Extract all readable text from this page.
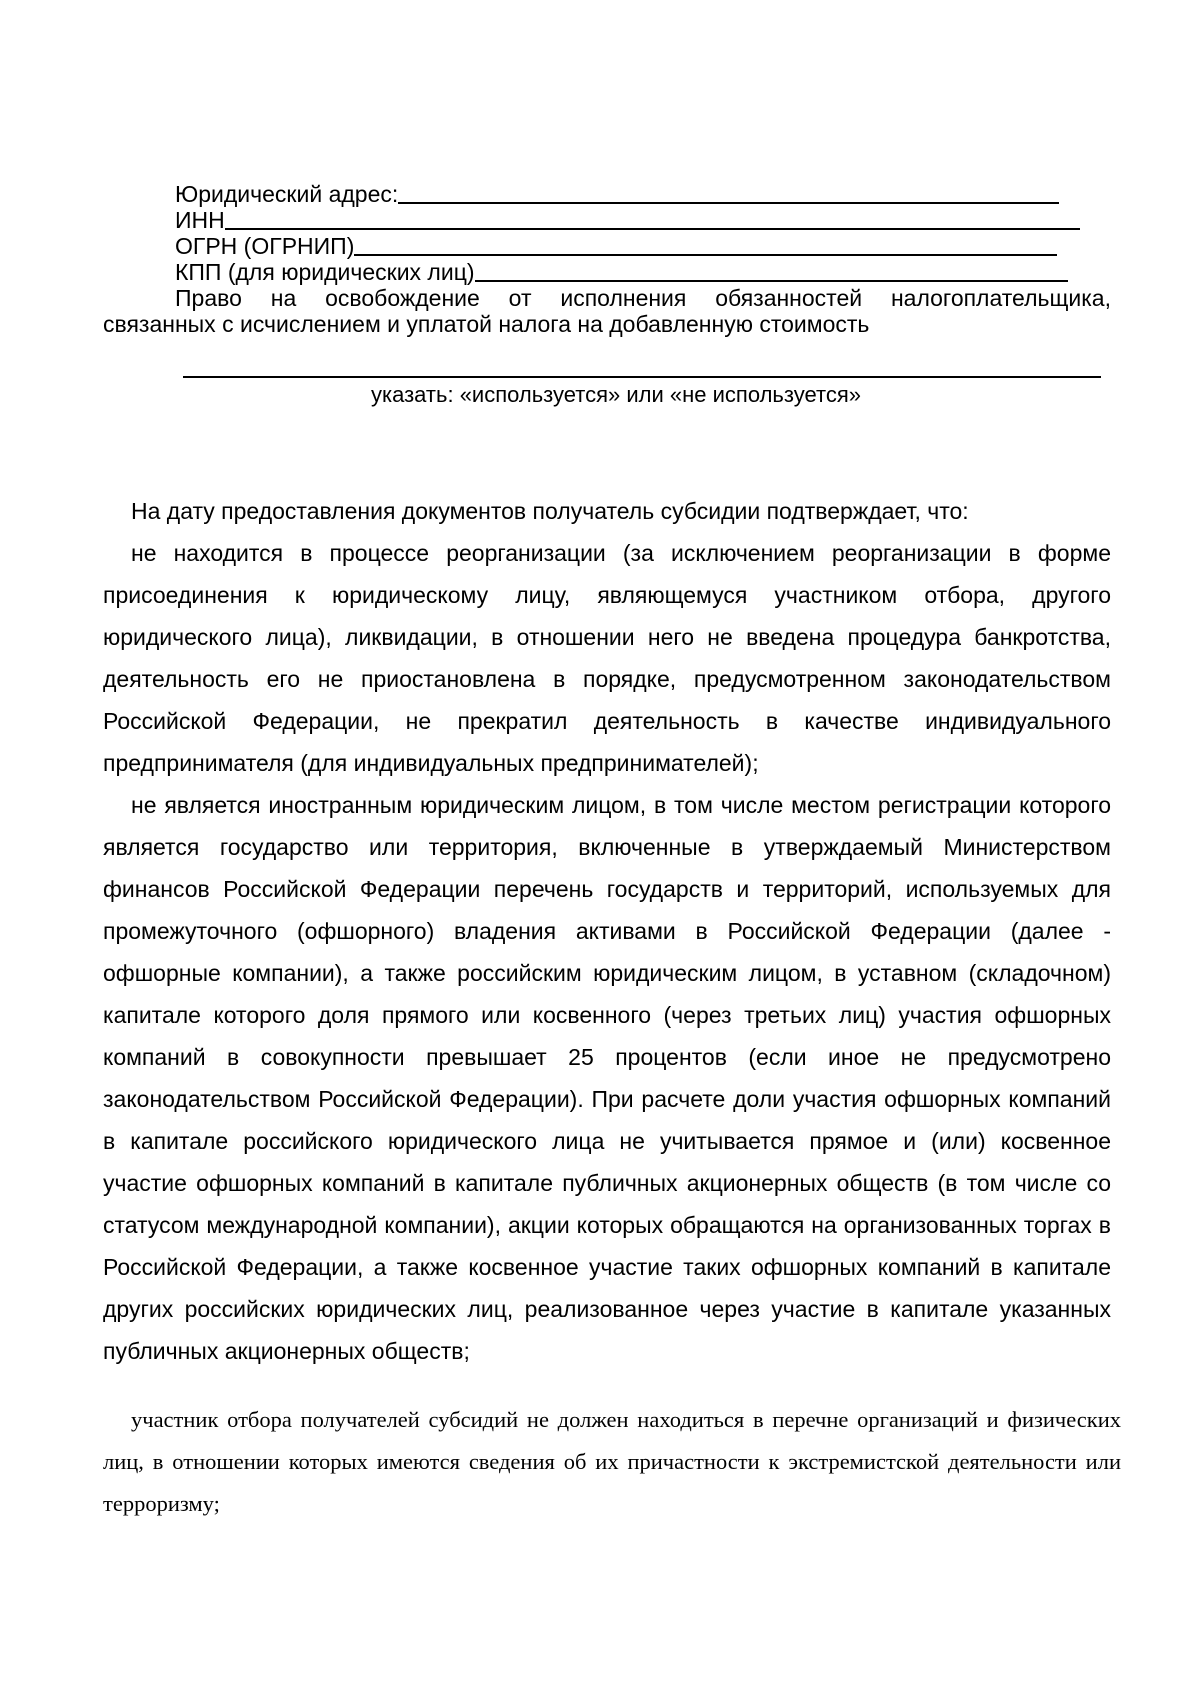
Юридический адрес:
ИНН
ОГРН (ОГРНИП)
КПП (для юридических лиц)
Право на освобождение от исполнения обязанностей налогоплательщика,
связанных с исчислением и уплатой налога на добавленную стоимость
указать: «используется» или «не используется»

На дату предоставления документов получатель субсидии подтверждает, что:

не находится в процессе реорганизации (за исключением реорганизации в форме присоединения к юридическому лицу, являющемуся участником отбора, другого юридического лица), ликвидации, в отношении него не введена процедура банкротства, деятельность его не приостановлена в порядке, предусмотренном законодательством Российской Федерации, не прекратил деятельность в качестве индивидуального предпринимателя (для индивидуальных предпринимателей);

не является иностранным юридическим лицом, в том числе местом регистрации которого является государство или территория, включенные в утверждаемый Министерством финансов Российской Федерации перечень государств и территорий, используемых для промежуточного (офшорного) владения активами в Российской Федерации (далее - офшорные компании), а также российским юридическим лицом, в уставном (складочном) капитале которого доля прямого или косвенного (через третьих лиц) участия офшорных компаний в совокупности превышает 25 процентов (если иное не предусмотрено законодательством Российской Федерации). При расчете доли участия офшорных компаний в капитале российского юридического лица не учитывается прямое и (или) косвенное участие офшорных компаний в капитале публичных акционерных обществ (в том числе со статусом международной компании), акции которых обращаются на организованных торгах в Российской Федерации, а также косвенное участие таких офшорных компаний в капитале других российских юридических лиц, реализованное через участие в капитале указанных публичных акционерных обществ;

участник отбора получателей субсидий не должен находиться в перечне организаций и физических лиц, в отношении которых имеются сведения об их причастности к экстремистской деятельности или терроризму;
